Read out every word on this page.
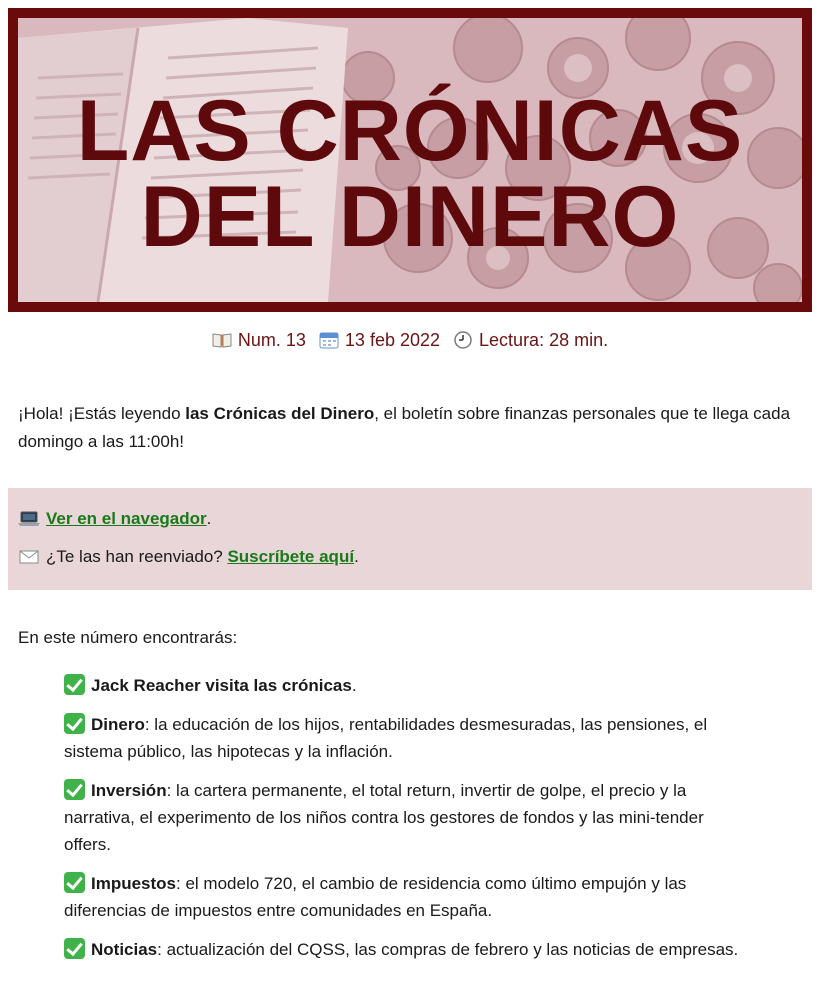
LAS CRÓNICAS
DEL DINERO
Num. 13 13 feb 2022 Lectura: 28 min.

¡Hola! ¡Estás leyendo las Crónicas del Dinero, el boletín sobre finanzas personales que te llega cada domingo a las 11:00h!

Ver en el navegador .
¿Te las han reenviado? Suscríbete aquí .

En este número encontrarás:

Jack Reacher visita las crónicas.
Dinero: la educación de los hijos, rentabilidades desmesuradas, las pensiones, el sistema público, las hipotecas y la inflación.
Inversión: la cartera permanente, el total return, invertir de golpe, el precio y la narrativa, el experimento de los niños contra los gestores de fondos y las mini-tender offers.
Impuestos: el modelo 720, el cambio de residencia como último empujón y las diferencias de impuestos entre comunidades en España.
Noticias: actualización del CQSS, las compras de febrero y las noticias de empresas.
